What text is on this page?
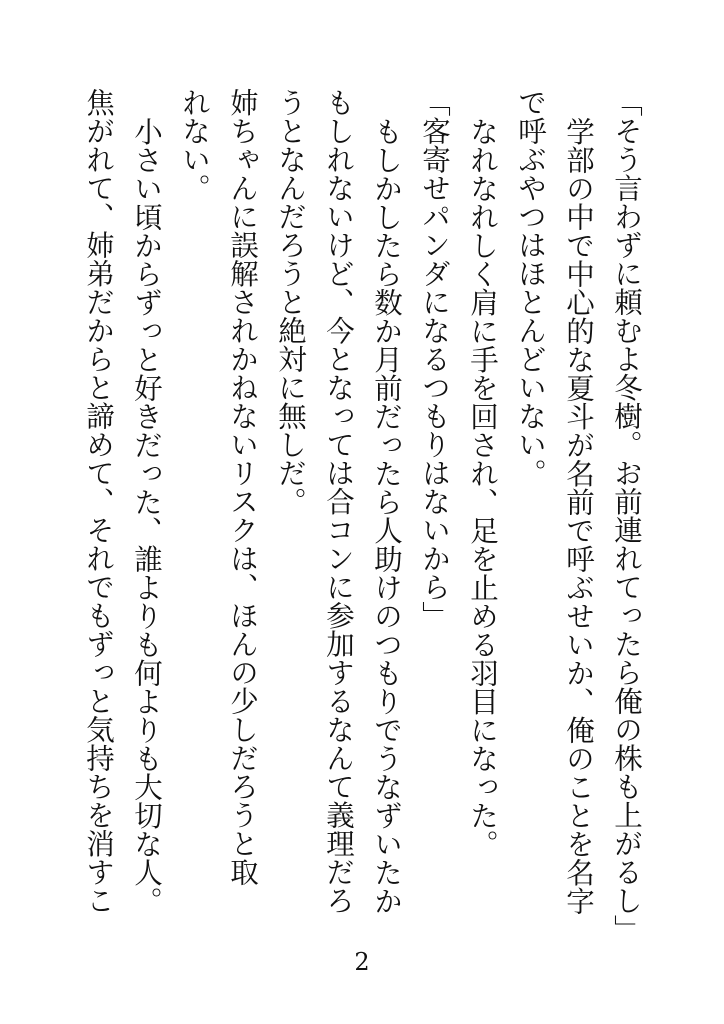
「そう言わずに頼むよ冬樹。お前連れてったら俺の株も上がるし」
学部の中で中心的な夏斗が名前で呼ぶせいか、俺のことを名字
で呼ぶやつはほとんどいない。
なれなれしく肩に手を回され、足を止める羽目になった。
「客寄せパンダになるつもりはないから」
もしかしたら数か月前だったら人助けのつもりでうなずいたか
もしれないけど、今となっては合コンに参加するなんて義理だろ
うとなんだろうと絶対に無しだ。
姉ちゃんに誤解されかねないリスクは、ほんの少しだろうと取
れない。
小さい頃からずっと好きだった、誰よりも何よりも大切な人。
焦がれて、姉弟だからと諦めて、それでもずっと気持ちを消すこ
2
